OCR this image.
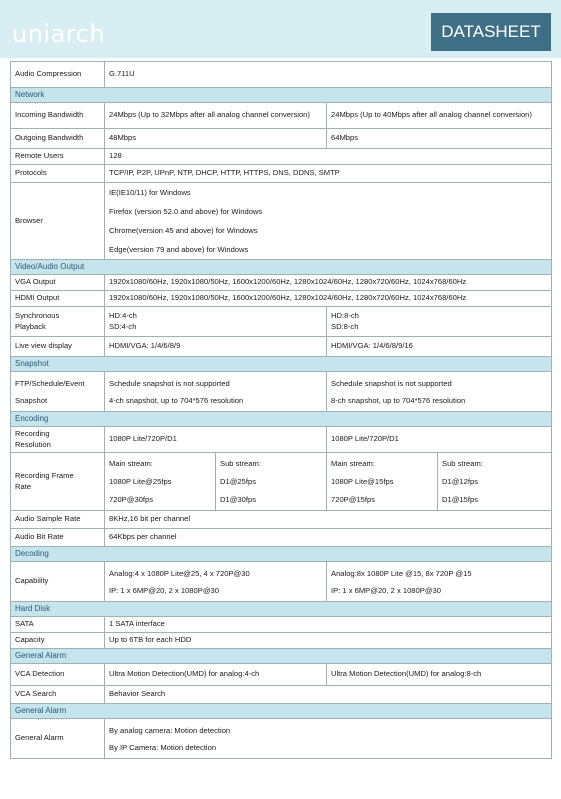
uniarch	DATASHEET
Audio Compression	G.711U			
Network				
Incoming Bandwidth	24Mbps (Up to 32Mbps after all analog channel conversion)		24Mbps (Up to 40Mbps after all analog channel conversion)	
Outgoing Bandwidth	48Mbps		64Mbps	
Remote Users	128			
Protocols	TCP/IP, P2P, UPnP, NTP, DHCP, HTTP, HTTPS, DNS, DDNS, SMTP			
Browser	IE(IE10/11) for Windows
Firefox (version 52.0 and above) for Windows
Chrome(version 45 and above) for Windows
Edge(version 79 and above) for Windows			

Video/Audio Output				
VGA Output	1920x1080/60Hz, 1920x1080/50Hz, 1600x1200/60Hz, 1280x1024/60Hz, 1280x720/60Hz, 1024x768/60Hz			
HDMI Output	1920x1080/60Hz, 1920x1080/50Hz, 1600x1200/60Hz, 1280x1024/60Hz, 1280x720/60Hz, 1024x768/60Hz			

Synchronous
Playback	HD:4-ch
SD:4-ch		HD:8-ch
SD:8-ch	

Live view display	HDMI/VGA: 1/4/6/8/9		HDMI/VGA: 1/4/6/8/9/16	
Snapshot				

FTP/Schedule/Event
Snapshot	Schedule snapshot is not supported
4-ch snapshot, up to 704*576 resolution		Schedule snapshot is not supported
8-ch snapshot, up to 704*576 resolution	

Encoding				

Recording
Resolution	1080P Lite/720P/D1		1080P Lite/720P/D1	

Recording Frame
Rate	Main stream:
1080P Lite@25fps
720P@30fps	Sub stream:
D1@25fps
D1@30fps	Main stream:
1080P Lite@15fps
720P@15fps	Sub stream:
D1@12fps
D1@15fps

Audio Sample Rate	8KHz,16 bit per channel			
Audio Bit Rate	64Kbps per channel			
Decoding				
Capability	Analog:4 x 1080P Lite@25, 4 x 720P@30
IP: 1 x 6MP@20, 2 x 1080P@30		Analog:8x 1080P Lite @15, 8x 720P @15
IP: 1 x 6MP@20, 2 x 1080P@30	

Hard Disk				
SATA	1 SATA interface			
Capacity	Up to 6TB for each HDD			
General Alarm				
VCA Detection	Ultra Motion Detection(UMD) for analog:4-ch		Ultra Motion Detection(UMD) for analog:8-ch	
VCA Search	Behavior Search			
General Alarm				
General Alarm	By analog camera: Motion detection
By IP Camera: Motion detection			
